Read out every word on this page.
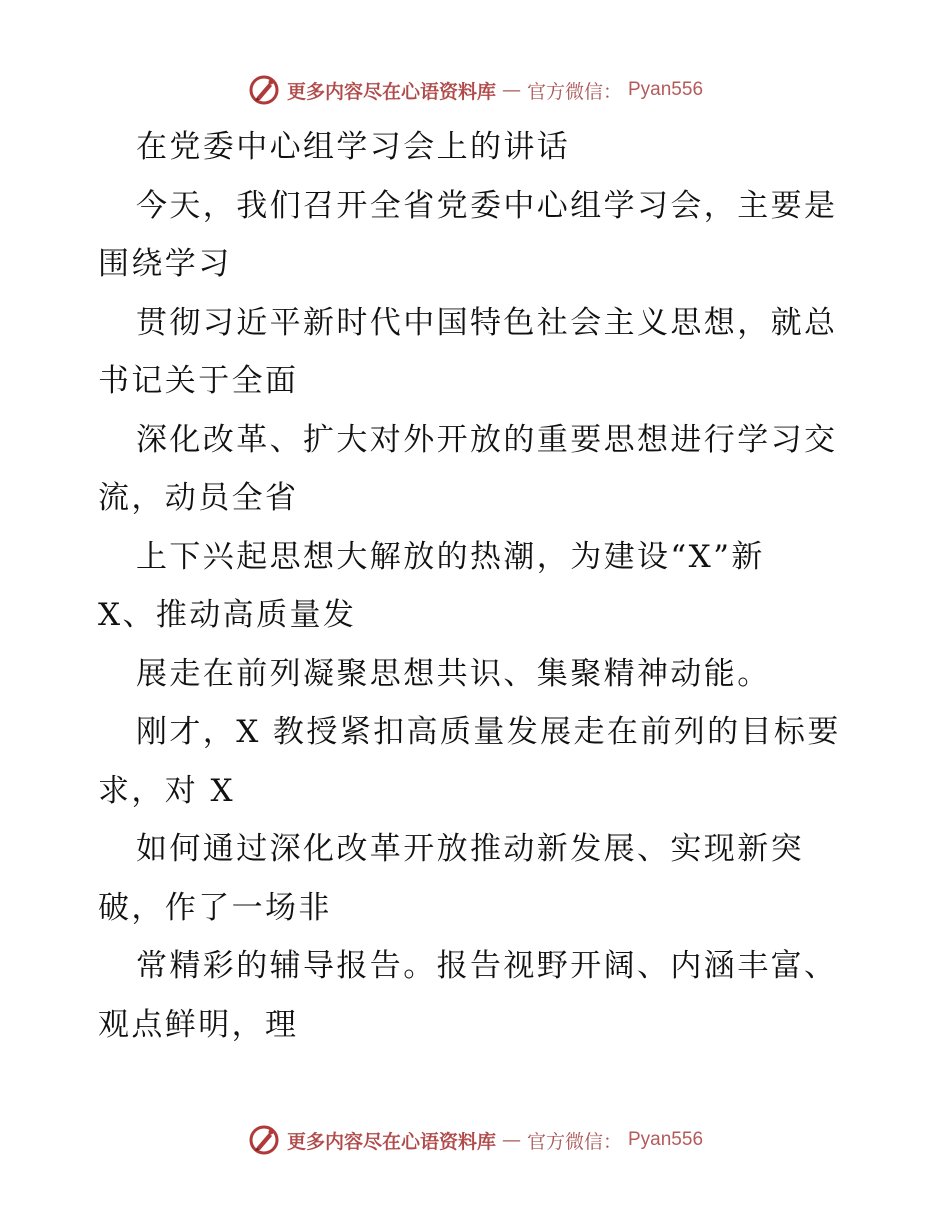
更多内容尽在心语资料库 — 官方微信： Pyan556
在党委中心组学习会上的讲话
今天，我们召开全省党委中心组学习会，主要是
围绕学习
贯彻习近平新时代中国特色社会主义思想，就总
书记关于全面
深化改革、扩大对外开放的重要思想进行学习交
流，动员全省
上下兴起思想大解放的热潮，为建设“X”新
X、推动高质量发
展走在前列凝聚思想共识、集聚精神动能。
刚才，X 教授紧扣高质量发展走在前列的目标要
求，对 X
如何通过深化改革开放推动新发展、实现新突
破，作了一场非
常精彩的辅导报告。报告视野开阔、内涵丰富、
观点鲜明，理
更多内容尽在心语资料库 — 官方微信： Pyan556
